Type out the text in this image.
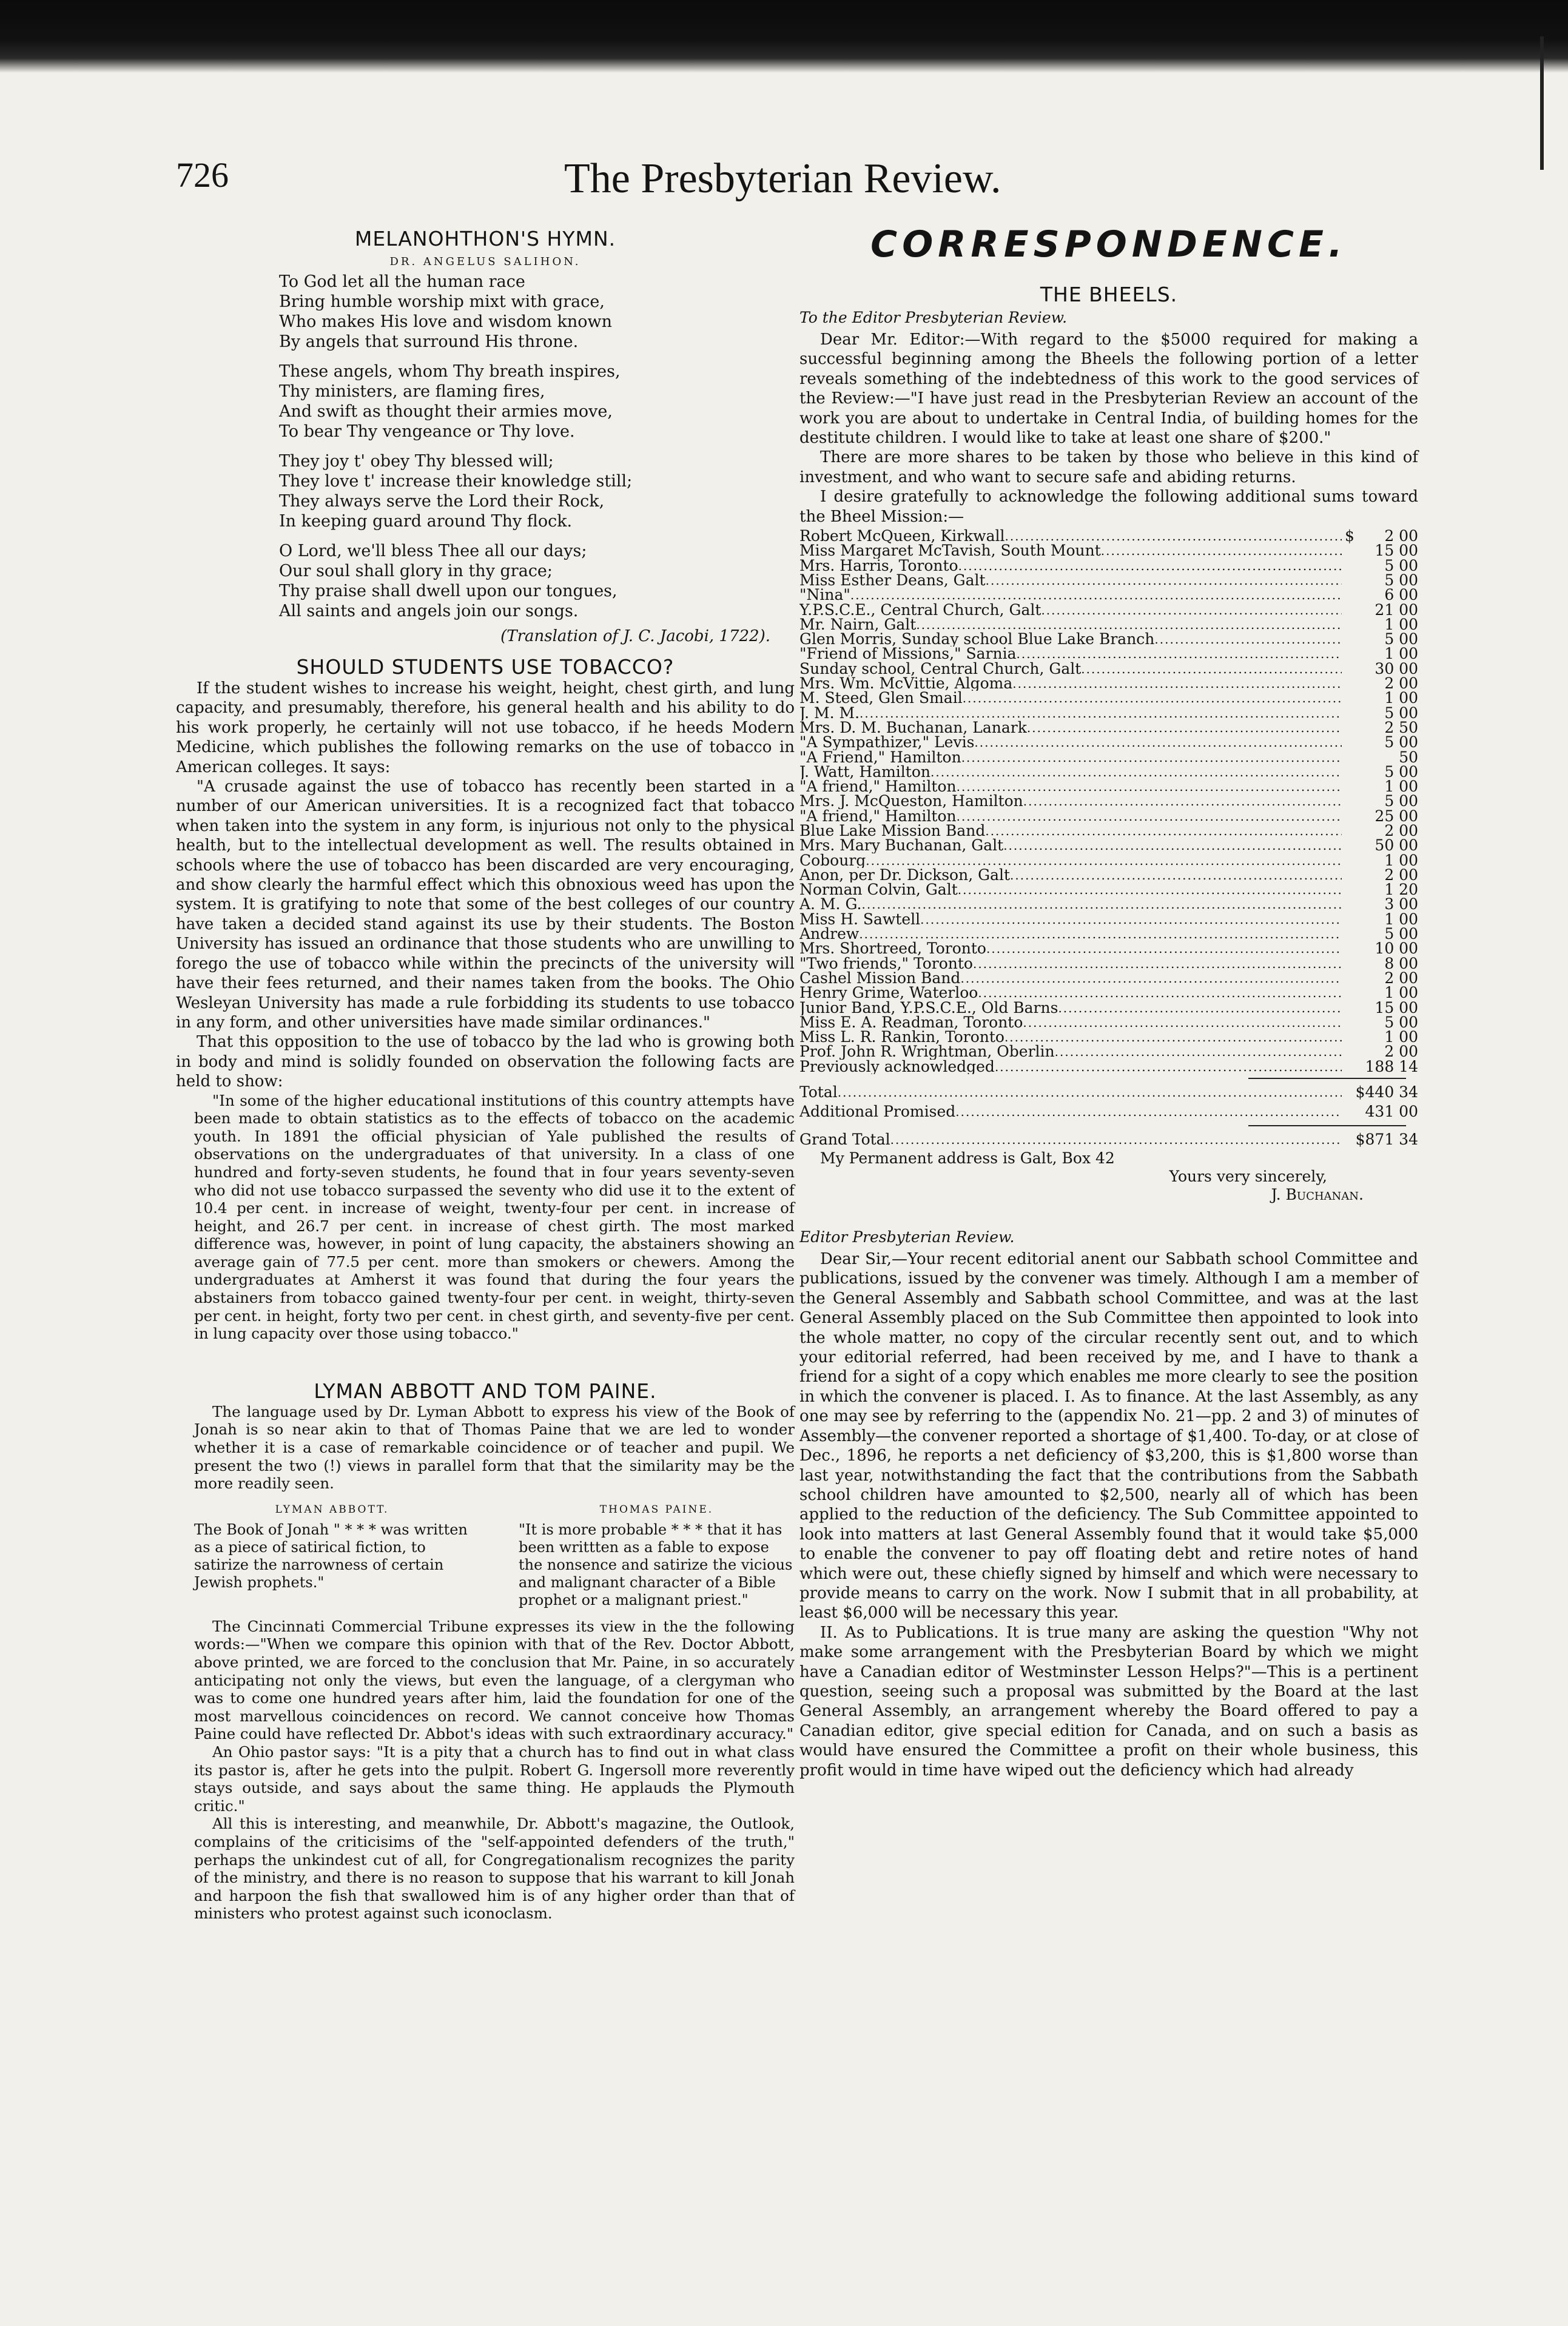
726	The Presbyterian Review.
MELANOHTHON'S HYMN.
DR. ANGELUS SALIHON.

To God let all the human race
Bring humble worship mixt with grace,
Who makes His love and wisdom known
By angels that surround His throne.

These angels, whom Thy breath inspires,
Thy ministers, are flaming fires,
And swift as thought their armies move,
To bear Thy vengeance or Thy love.

They joy t' obey Thy blessed will;
They love t' increase their knowledge still;
They always serve the Lord their Rock,
In keeping guard around Thy flock.

O Lord, we'll bless Thee all our days;
Our soul shall glory in thy grace;
Thy praise shall dwell upon our tongues,
All saints and angels join our songs.

(Translation of J. C. Jacobi, 1722).
SHOULD STUDENTS USE TOBACCO?

If the student wishes to increase his weight, height, chest girth, and lung capacity, and presumably, therefore, his general health and his ability to do his work properly, he certainly will not use tobacco, if he heeds Modern Medicine, which publishes the following remarks on the use of tobacco in American colleges. It says:

"A crusade against the use of tobacco has recently been started in a number of our American universities. It is a recognized fact that tobacco when taken into the system in any form, is injurious not only to the physical health, but to the intellectual development as well. The results obtained in schools where the use of tobacco has been discarded are very encouraging, and show clearly the harmful effect which this obnoxious weed has upon the system. It is gratifying to note that some of the best colleges of our country have taken a decided stand against its use by their students. The Boston University has issued an ordinance that those students who are unwilling to forego the use of tobacco while within the precincts of the university will have their fees returned, and their names taken from the books. The Ohio Wesleyan University has made a rule forbidding its students to use tobacco in any form, and other universities have made similar ordinances."

That this opposition to the use of tobacco by the lad who is growing both in body and mind is solidly founded on observation the following facts are held to show:

"In some of the higher educational institutions of this country attempts have been made to obtain statistics as to the effects of tobacco on the academic youth. In 1891 the official physician of Yale published the results of observations on the undergraduates of that university. In a class of one hundred and forty-seven students, he found that in four years seventy-seven who did not use tobacco surpassed the seventy who did use it to the extent of 10.4 per cent. in increase of weight, twenty-four per cent. in increase of height, and 26.7 per cent. in increase of chest girth. The most marked difference was, however, in point of lung capacity, the abstainers showing an average gain of 77.5 per cent. more than smokers or chewers. Among the undergraduates at Amherst it was found that during the four years the abstainers from tobacco gained twenty-four per cent. in weight, thirty-seven per cent. in height, forty two per cent. in chest girth, and seventy-five per cent. in lung capacity over those using tobacco."

LYMAN ABBOTT AND TOM PAINE.

The language used by Dr. Lyman Abbott to express his view of the Book of Jonah is so near akin to that of Thomas Paine that we are led to wonder whether it is a case of remarkable coincidence or of teacher and pupil. We present the two (!) views in parallel form that that the similarity may be the more readily seen.

LYMAN ABBOTT.
The Book of Jonah " * * * was written as a piece of satirical fiction, to satirize the narrowness of certain Jewish prophets."
THOMAS PAINE.
"It is more probable * * * that it has been writtten as a fable to expose the nonsence and satirize the vicious and malignant character of a Bible prophet or a malignant priest."

The Cincinnati Commercial Tribune expresses its view in the the following words:—"When we compare this opinion with that of the Rev. Doctor Abbott, above printed, we are forced to the conclusion that Mr. Paine, in so accurately anticipating not only the views, but even the language, of a clergyman who was to come one hundred years after him, laid the foundation for one of the most marvellous coincidences on record. We cannot conceive how Thomas Paine could have reflected Dr. Abbot's ideas with such extraordinary accuracy."

An Ohio pastor says: "It is a pity that a church has to find out in what class its pastor is, after he gets into the pulpit. Robert G. Ingersoll more reverently stays outside, and says about the same thing. He applauds the Plymouth critic."

All this is interesting, and meanwhile, Dr. Abbott's magazine, the Outlook, complains of the criticisims of the "self-appointed defenders of the truth," perhaps the unkindest cut of all, for Congregationalism recognizes the parity of the ministry, and there is no reason to suppose that his warrant to kill Jonah and harpoon the fish that swallowed him is of any higher order than that of ministers who protest against such iconoclasm.

CORRESPONDENCE.
THE BHEELS.
To the Editor Presbyterian Review.

Dear Mr. Editor:—With regard to the $5000 required for making a successful beginning among the Bheels the following portion of a letter reveals something of the indebtedness of this work to the good services of the Review:—"I have just read in the Presbyterian Review an account of the work you are about to undertake in Central India, of building homes for the destitute children. I would like to take at least one share of $200."

There are more shares to be taken by those who believe in this kind of investment, and who want to secure safe and abiding returns.

I desire gratefully to acknowledge the following additional sums toward the Bheel Mission:—

Robert McQueen, Kirkwall .....	$	2 00
Miss Margaret McTavish, South Mount .....	15 00
Mrs. Harris, Toronto .....	5 00
Miss Esther Deans, Galt .....	5 00
"Nina" .....	6 00
Y.P.S.C.E., Central Church, Galt .....	21 00
Mr. Nairn, Galt .....	1 00
Glen Morris, Sunday school Blue Lake Branch .....	5 00
"Friend of Missions," Sarnia .....	1 00
Sunday school, Central Church, Galt .....	30 00
Mrs. Wm. McVittie, Algoma .....	2 00
M. Steed, Glen Smail .....	1 00
J. M. M. .....	5 00
Mrs. D. M. Buchanan, Lanark .....	2 50
"A Sympathizer," Levis .....	5 00
"A Friend," Hamilton .....	50
J. Watt, Hamilton .....	5 00
"A friend," Hamilton .....	1 00
Mrs. J. McQueston, Hamilton .....	5 00
"A friend," Hamilton .....	25 00
Blue Lake Mission Band .....	2 00
Mrs. Mary Buchanan, Galt .....	50 00
Cobourg .....	1 00
Anon, per Dr. Dickson, Galt .....	2 00
Norman Colvin, Galt .....	1 20
A. M. G. .....	3 00
Miss H. Sawtell .....	1 00
Andrew .....	5 00
Mrs. Shortreed, Toronto .....	10 00
"Two friends," Toronto .....	8 00
Cashel Mission Band .....	2 00
Henry Grime, Waterloo .....	1 00
Junior Band, Y.P.S.C.E., Old Barns .....	15 00
Miss E. A. Readman, Toronto .....	5 00
Miss L. R. Rankin, Toronto .....	1 00
Prof. John R. Wrightman, Oberlin .....	2 00
Previously acknowledged .....	188 14
Total .....	$440 34
Additional Promised .....	431 00
Grand Total .....	$871 34
My Permanent address is Galt, Box 42
Yours very sincerely,
J. Buchanan.
Editor Presbyterian Review.

Dear Sir,—Your recent editorial anent our Sabbath school Committee and publications, issued by the convener was timely. Although I am a member of the General Assembly and Sabbath school Committee, and was at the last General Assembly placed on the Sub Committee then appointed to look into the whole matter, no copy of the circular recently sent out, and to which your editorial referred, had been received by me, and I have to thank a friend for a sight of a copy which enables me more clearly to see the position in which the convener is placed. I. As to finance. At the last Assembly, as any one may see by referring to the (appendix No. 21—pp. 2 and 3) of minutes of Assembly—the convener reported a shortage of $1,400. To-day, or at close of Dec., 1896, he reports a net deficiency of $3,200, this is $1,800 worse than last year, notwithstanding the fact that the contributions from the Sabbath school children have amounted to $2,500, nearly all of which has been applied to the reduction of the deficiency. The Sub Committee appointed to look into matters at last General Assembly found that it would take $5,000 to enable the convener to pay off floating debt and retire notes of hand which were out, these chiefly signed by himself and which were necessary to provide means to carry on the work. Now I submit that in all probability, at least $6,000 will be necessary this year.

II. As to Publications. It is true many are asking the question "Why not make some arrangement with the Presbyterian Board by which we might have a Canadian editor of Westminster Lesson Helps?"—This is a pertinent question, seeing such a proposal was submitted by the Board at the last General Assembly, an arrangement whereby the Board offered to pay a Canadian editor, give special edition for Canada, and on such a basis as would have ensured the Committee a profit on their whole business, this profit would in time have wiped out the deficiency which had already
